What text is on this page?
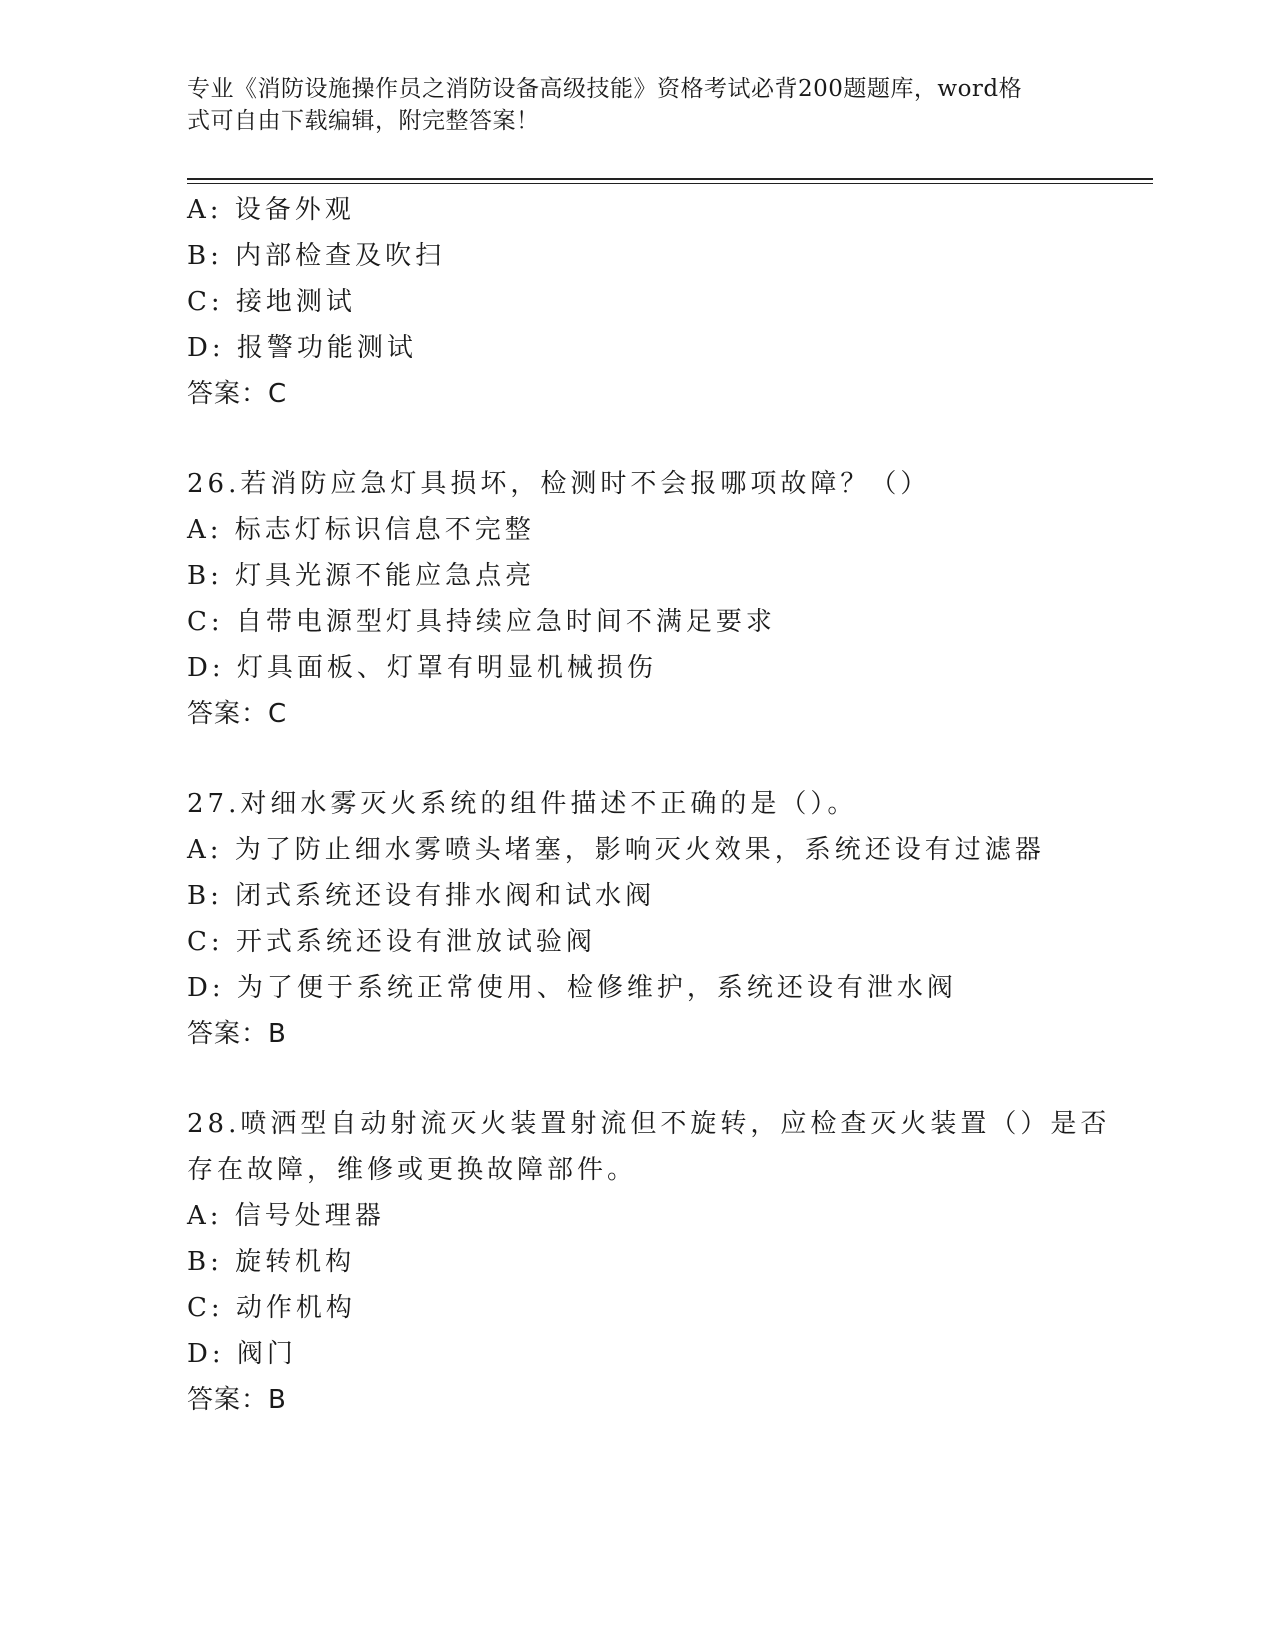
专业《消防设施操作员之消防设备高级技能》资格考试必背200题题库，word格
式可自由下载编辑，附完整答案！
A: 设备外观
B: 内部检查及吹扫
C: 接地测试
D: 报警功能测试
答案：C
26.若消防应急灯具损坏，检测时不会报哪项故障？（）
A: 标志灯标识信息不完整
B: 灯具光源不能应急点亮
C: 自带电源型灯具持续应急时间不满足要求
D: 灯具面板、灯罩有明显机械损伤
答案：C
27.对细水雾灭火系统的组件描述不正确的是（）。
A: 为了防止细水雾喷头堵塞，影响灭火效果，系统还设有过滤器
B: 闭式系统还设有排水阀和试水阀
C: 开式系统还设有泄放试验阀
D: 为了便于系统正常使用、检修维护，系统还设有泄水阀
答案：B
28.喷洒型自动射流灭火装置射流但不旋转，应检查灭火装置（）是否
存在故障，维修或更换故障部件。
A: 信号处理器
B: 旋转机构
C: 动作机构
D: 阀门
答案：B
